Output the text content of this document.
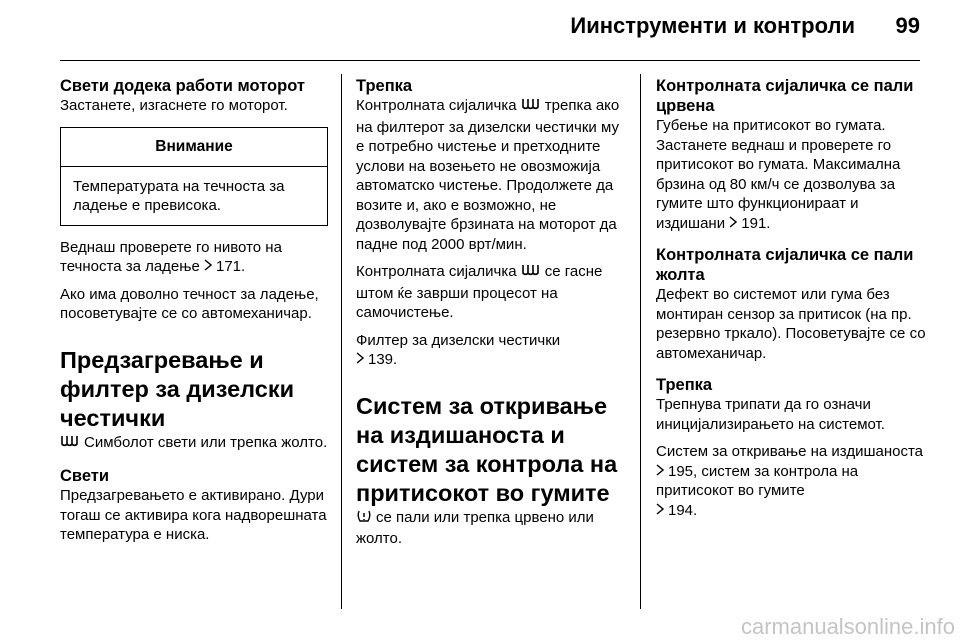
Иинструменти и контроли	99

Свети додека работи моторот

Застанете, изгаснете го моторот.

Внимание
Температурата на течноста за ладење е превисока.

Веднаш проверете го нивото на течноста за ладење 171.

Ако има доволно течност за ладење, посоветувајте се со автомеханичар.

Предзагревање и филтер за дизелски честички

Симболот свети или трепка жолто.

Свети

Предзагревањето е активирано. Дури тогаш се активира кога надворешната температура е ниска.

Трепка

Контролната сијаличка трепка ако на филтерот за дизелски честички му е потребно чистење и претходните услови на возењето не овозможија автоматско чистење. Продолжете да возите и, ако е возможно, не дозволувајте брзината на моторот да падне под 2000 врт/мин.

Контролната сијаличка се гасне штом ќе заврши процесот на самочистење.

Филтер за дизелски честички
139.

Систем за откривање на издишаноста и систем за контрола на притисокот во гумите

се пали или трепка црвено или жолто.

Контролната сијаличка се пали црвена

Губење на притисокот во гумата. Застанете веднаш и проверете го притисокот во гумата. Максимална брзина од 80 км/ч се дозволува за гумите што функционираат и издишани 191.

Контролната сијаличка се пали жолта

Дефект во системот или гума без монтиран сензор за притисок (на пр. резервно тркало). Посоветувајте се со автомеханичар.

Трепка

Трепнува трипати да го означи иницијализирањето на системот.

Систем за откривање на издишаноста 195, систем за контрола на притисокот во гумите
194.

carmanualsonline.info
